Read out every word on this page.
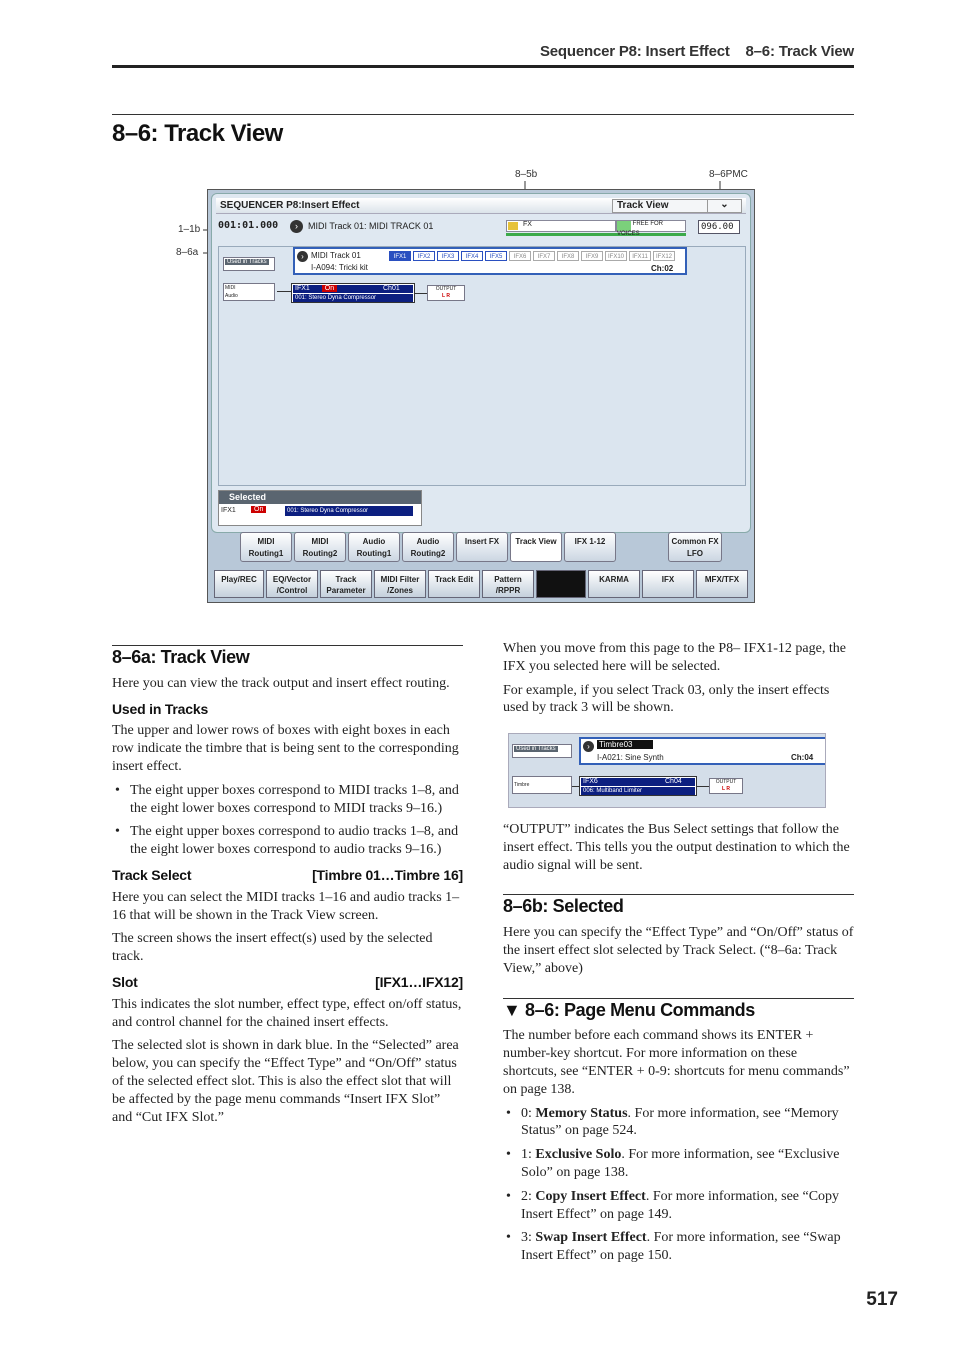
Sequencer P8: Insert Effect    8–6: Track View
8–6: Track View
8–5b	8–6PMC
1–1b
8–6a
SEQUENCER P8:Insert Effect	Track View	⌄
001:01.000	›	MIDI Track 01: MIDI TRACK 01	FX	FREE FOR VOICES
096.00
Used in Tracks
› MIDI Track 01
I-A094: Tricki kit	Ch:02
IFX1	IFX2	IFX3	IFX4	IFX5	IFX6	IFX7	IFX8	IFX9	IFX10	IFX11	IFX12
MIDI
Audio
IFX1 On	Ch01
001: Stereo Dyna Compressor
OUTPUT
L R
Selected
IFX1	On	001: Stereo Dyna Compressor
MIDI Routing1
MIDI Routing2
Audio Routing1
Audio Routing2
Insert FX	Track View	IFX 1-12	Common FX LFO
Play/REC	EQ/Vector /Control
Track Parameter
MIDI Filter /Zones
Track Edit	Pattern /RPPR
KARMA	IFX	MFX/TFX
8–6a: Track View

Here you can view the track output and insert effect routing.

Used in Tracks

The upper and lower rows of boxes with eight boxes in each row indicate the timbre that is being sent to the corresponding insert effect.

• The eight upper boxes correspond to MIDI tracks 1–8, and the eight lower boxes correspond to MIDI tracks 9–16.)
• The eight upper boxes correspond to audio tracks 1–8, and the eight lower boxes correspond to audio tracks 9–16.)
Track Select	[Timbre 01…Timbre 16]

Here you can select the MIDI tracks 1–16 and audio tracks 1–16 that will be shown in the Track View screen.

The screen shows the insert effect(s) used by the selected track.

Slot	[IFX1…IFX12]

This indicates the slot number, effect type, effect on/off status, and control channel for the chained insert effects.

The selected slot is shown in dark blue. In the “Selected” area below, you can specify the “Effect Type” and “On/Off” status of the selected effect slot. This is also the effect slot that will be affected by the page menu commands “Insert IFX Slot” and “Cut IFX Slot.”

When you move from this page to the P8– IFX1-12 page, the IFX you selected here will be selected.

For example, if you select Track 03, only the insert effects used by track 3 will be shown.

Used in Tracks	›	Timbre03
I-A021: Sine Synth	Ch:04
Timbre	IFX6	Ch04
006: Multiband Limiter
OUTPUT
L R

“OUTPUT” indicates the Bus Select settings that follow the insert effect. This tells you the output destination to which the audio signal will be sent.

8–6b: Selected

Here you can specify the “Effect Type” and “On/Off” status of the insert effect slot selected by Track Select. (“8–6a: Track View,” above)

▼ 8–6: Page Menu Commands

The number before each command shows its ENTER + number-key shortcut. For more information on these shortcuts, see “ENTER + 0-9: shortcuts for menu commands” on page 138.

• 0: Memory Status. For more information, see “Memory Status” on page 524.
• 1: Exclusive Solo. For more information, see “Exclusive Solo” on page 138.
• 2: Copy Insert Effect. For more information, see “Copy Insert Effect” on page 149.
• 3: Swap Insert Effect. For more information, see “Swap Insert Effect” on page 150.
517
